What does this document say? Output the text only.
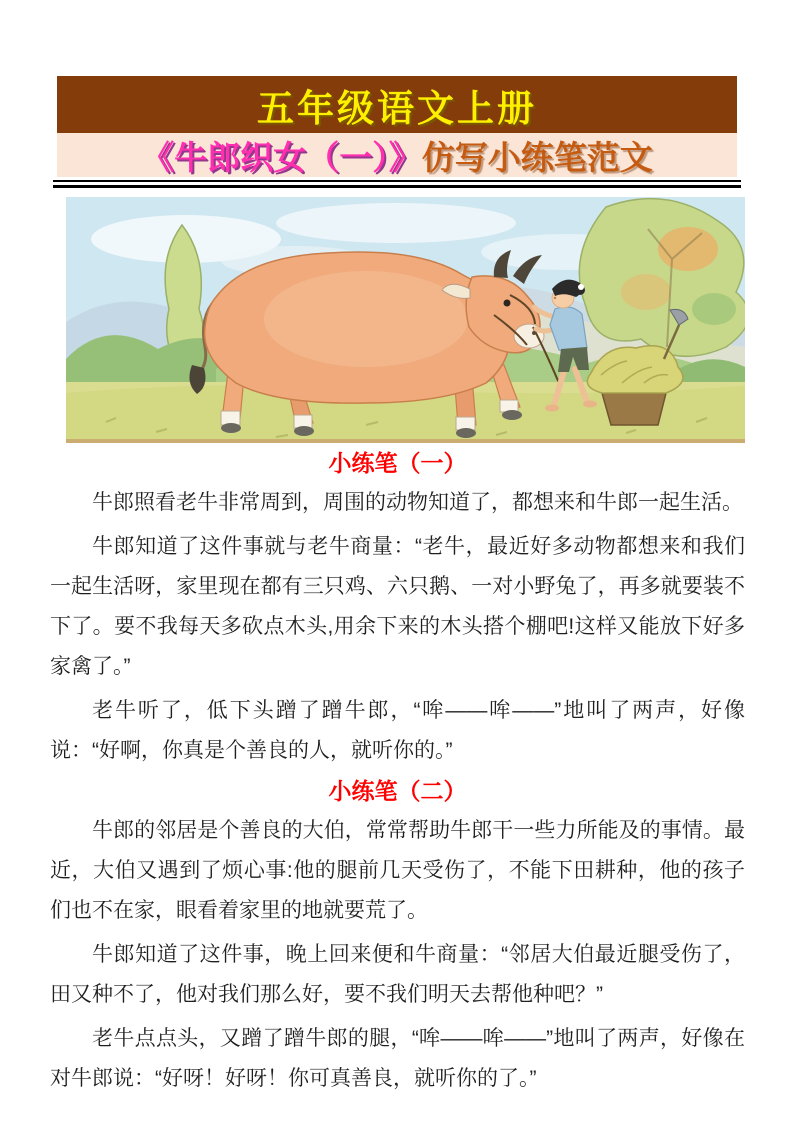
五年级语文上册
《牛郎织女（一）》 仿写小练笔范文
小练笔（一）

牛郎照看老牛非常周到，周围的动物知道了，都想来和牛郎一起生活。

牛郎知道了这件事就与老牛商量：“老牛，最近好多动物都想来和我们一起生活呀，家里现在都有三只鸡、六只鹅、一对小野兔了，再多就要装不下了。要不我每天多砍点木头,用余下来的木头搭个棚吧!这样又能放下好多家禽了。”

老牛听了，低下头蹭了蹭牛郎，“哞——哞——”地叫了两声，好像说：“好啊，你真是个善良的人，就听你的。”

小练笔（二）

牛郎的邻居是个善良的大伯，常常帮助牛郎干一些力所能及的事情。最近，大伯又遇到了烦心事:他的腿前几天受伤了，不能下田耕种，他的孩子们也不在家，眼看着家里的地就要荒了。

牛郎知道了这件事，晚上回来便和牛商量：“邻居大伯最近腿受伤了，田又种不了，他对我们那么好，要不我们明天去帮他种吧？”

老牛点点头，又蹭了蹭牛郎的腿，“哞——哞——”地叫了两声，好像在对牛郎说：“好呀！好呀！你可真善良，就听你的了。”
